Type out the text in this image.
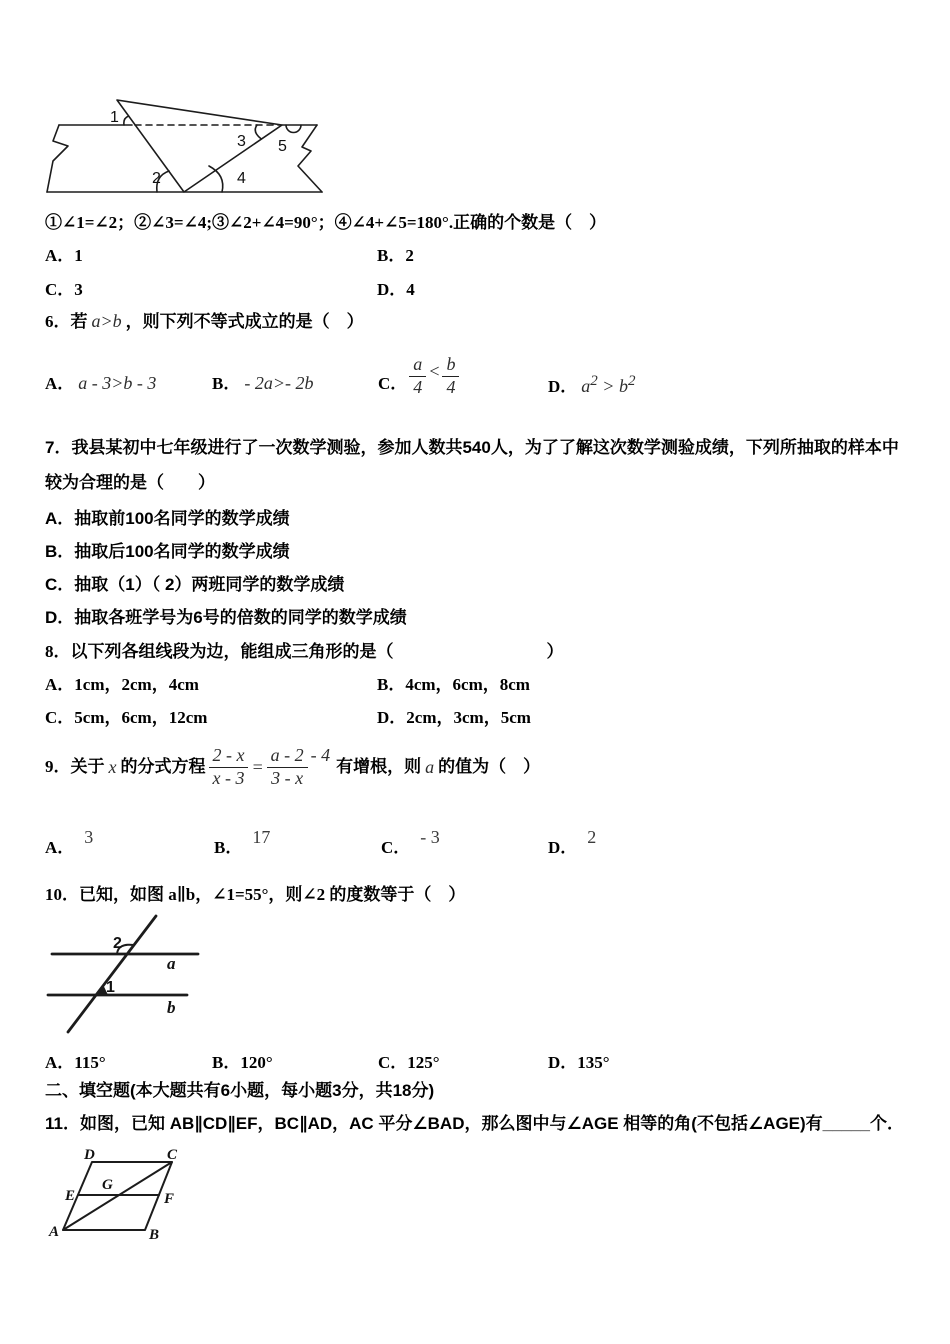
1
2
3
4
5
①∠1=∠2；②∠3=∠4;③∠2+∠4=90°；④∠4+∠5=180°.正确的个数是（　）
A．1	B．2
C．3	D．4
6．若 a>b ，则下列不等式成立的是（　）
A． a - 3>b - 3	B． - 2a>- 2b	C． $\frac{a}{4} < \frac{b}{4}$	D． $a^2 > b^2$
7．我县某初中七年级进行了一次数学测验，参加人数共540人，为了了解这次数学测验成绩，下列所抽取的样本中
较为合理的是（　　）
A．抽取前100名同学的数学成绩
B．抽取后100名同学的数学成绩
C．抽取（1）（ 2）两班同学的数学成绩
D．抽取各班学号为6号的倍数的同学的数学成绩
8．以下列各组线段为边，能组成三角形的是（　　　　　　　　　）
A．1cm，2cm，4cm	B．4cm，6cm，8cm
C．5cm，6cm，12cm	D．2cm，3cm，5cm
9．关于 x 的分式方程 $\frac{2 - x}{x - 3} = \frac{a - 2}{3 - x} - 4$
有增根，则 a 的值为（　）
A．3
B．17
C．- 3
D．2
10．已知，如图 a∥b，∠1=55°，则∠2 的度数等于（　）
2
1
a
b
A．115°	B．120°	C．125°	D．135°
二、填空题(本大题共有6小题，每小题3分，共18分)
11．如图，已知 AB∥CD∥EF，BC∥AD，AC 平分∠BAD，那么图中与∠AGE 相等的角(不包括∠AGE)有_____个．
D	C
E
G
F
A	B
